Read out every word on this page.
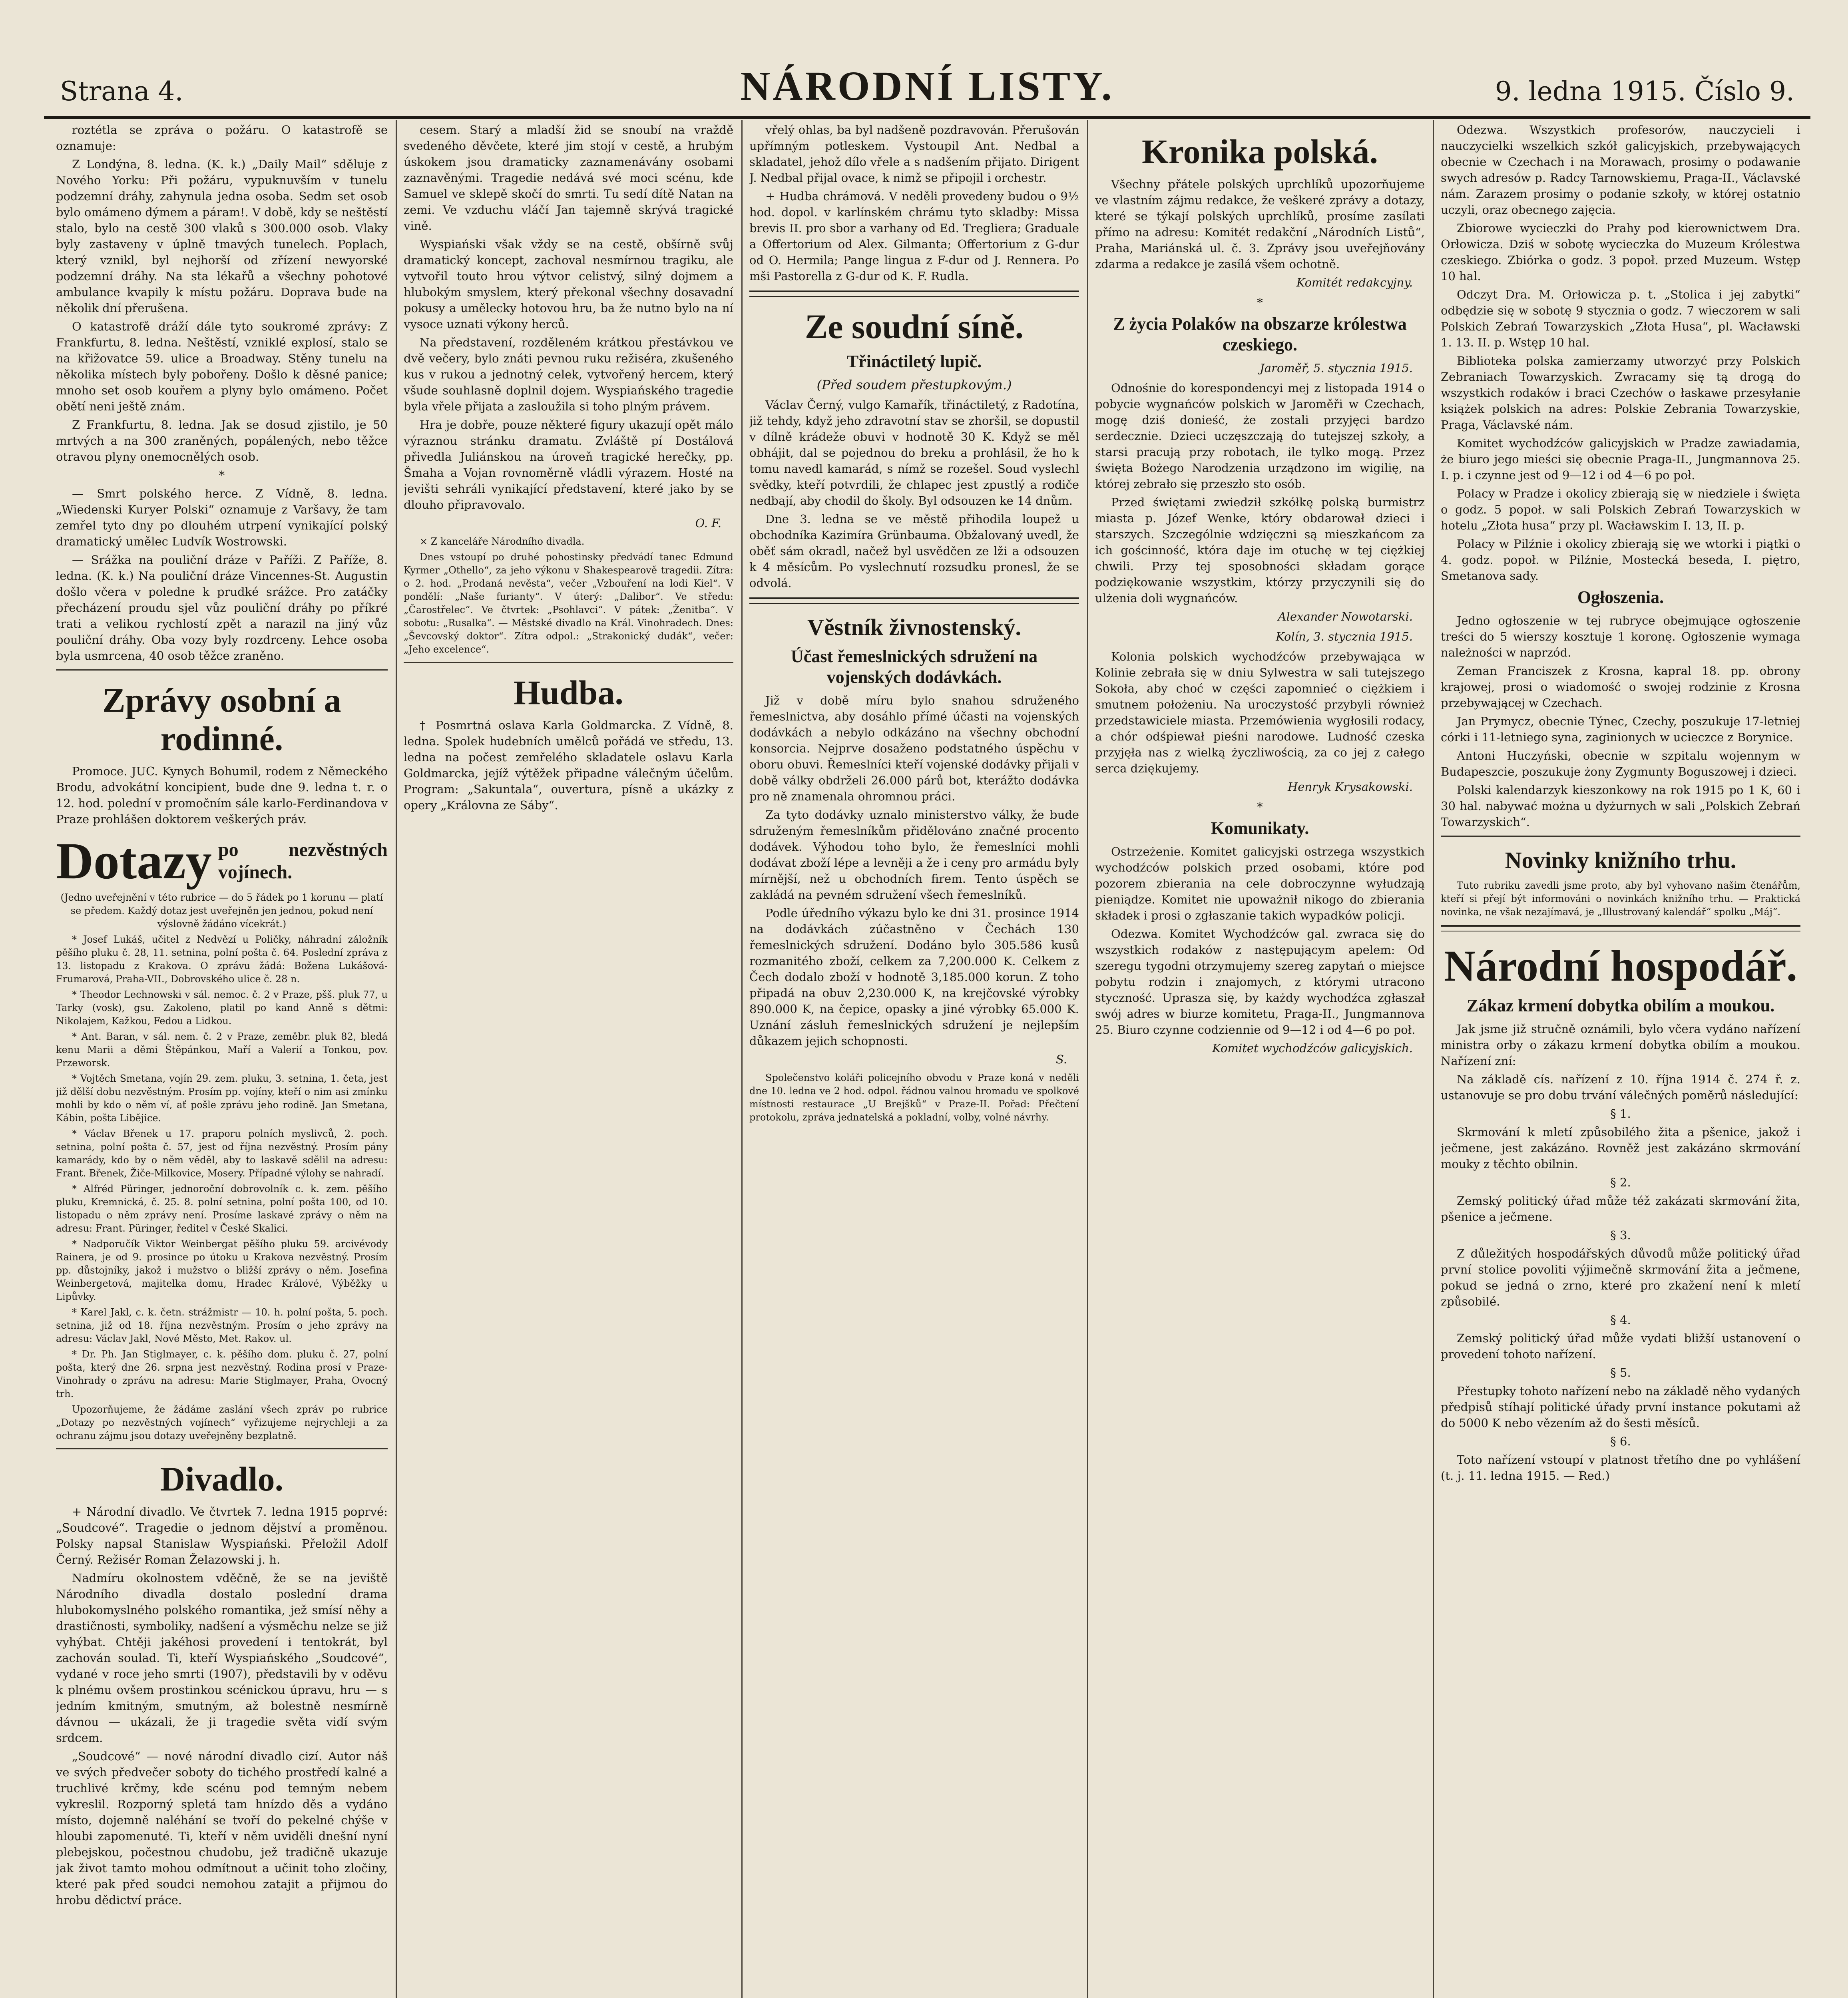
Strana 4.	NÁRODNÍ LISTY.	9. ledna 1915. Číslo 9.

roztétla se zpráva o požáru. O katastrofě se oznamuje:

Z Londýna, 8. ledna. (K. k.) „Daily Mail“ sděluje z Nového Yorku: Při požáru, vypuknuvším v tunelu podzemní dráhy, zahynula jedna osoba. Sedm set osob bylo omámeno dýmem a páram!. V době, kdy se neštěstí stalo, bylo na cestě 300 vlaků s 300.000 osob. Vlaky byly zastaveny v úplně tmavých tunelech. Poplach, který vznikl, byl nejhorší od zřízení newyorské podzemní dráhy. Na sta lékařů a všechny pohotové ambulance kvapily k místu požáru. Doprava bude na několik dní přerušena.

O katastrofě dráží dále tyto soukromé zprávy: Z Frankfurtu, 8. ledna. Neštěstí, vzniklé explosí, stalo se na křižovatce 59. ulice a Broadway. Stěny tunelu na několika místech byly pobořeny. Došlo k děsné panice; mnoho set osob kouřem a plyny bylo omámeno. Počet obětí neni ještě znám.

Z Frankfurtu, 8. ledna. Jak se dosud zjistilo, je 50 mrtvých a na 300 zraněných, popálených, nebo těžce otravou plyny onemocnělých osob.

*

— Smrt polského herce. Z Vídně, 8. ledna. „Wiedenski Kuryer Polski“ oznamuje z Varšavy, že tam zemřel tyto dny po dlouhém utrpení vynikající polský dramatický umělec Ludvík Wostrowski.

— Srážka na pouliční dráze v Paříži. Z Paříže, 8. ledna. (K. k.) Na pouliční dráze Vincennes-St. Augustin došlo včera v poledne k prudké srážce. Pro zatáčky přecházení proudu sjel vůz pouliční dráhy po příkré trati a velikou rychlostí zpět a narazil na jiný vůz pouliční dráhy. Oba vozy byly rozdrceny. Lehce osoba byla usmrcena, 40 osob těžce zraněno.

Zprávy osobní a rodinné.

Promoce. JUC. Kynych Bohumil, rodem z Německého Brodu, advokátní koncipient, bude dne 9. ledna t. r. o 12. hod. polední v promočním sále karlo-Ferdinandova v Praze prohlášen doktorem veškerých práv.

Dotazy po nezvěstných vojínech.

(Jedno uveřejnění v této rubrice — do 5 řádek po 1 korunu — platí se předem. Každý dotaz jest uveřejněn jen jednou, pokud není výslovně žádáno vícekrát.)

* Josef Lukáš, učitel z Nedvězí u Poličky, náhradní záložník pěšího pluku č. 28, 11. setnina, polní pošta č. 64. Poslední zpráva z 13. listopadu z Krakova. O zprávu žádá: Božena Lukášová-Frumarová, Praha-VII., Dobrovského ulice č. 28 n.

* Theodor Lechnowski v sál. nemoc. č. 2 v Praze, pšš. pluk 77, u Tarky (vosk), gsu. Zakoleno, platil po kand Anně s dětmi: Nikolajem, Kažkou, Fedou a Lidkou.

* Ant. Baran, v sál. nem. č. 2 v Praze, zeměbr. pluk 82, bledá kenu Marii a děmi Štěpánkou, Maří a Valerií a Tonkou, pov. Przeworsk.

* Vojtěch Smetana, vojín 29. zem. pluku, 3. setnina, 1. četa, jest již dělší dobu nezvěstným. Prosím pp. vojíny, kteří o nim asi zmínku mohli by kdo o něm ví, ať pošle zprávu jeho rodině. Jan Smetana, Kábin, pošta Libějice.

* Václav Břenek u 17. praporu polních myslivců, 2. poch. setnina, polní pošta č. 57, jest od října nezvěstný. Prosím pány kamarády, kdo by o něm věděl, aby to laskavě sdělil na adresu: Frant. Břenek, Žiče-Milkovice, Mosery. Případné výlohy se nahradí.

* Alfréd Püringer, jednoroční dobrovolník c. k. zem. pěšího pluku, Kremnická, č. 25. 8. polní setnina, polní pošta 100, od 10. listopadu o něm zprávy není. Prosíme laskavé zprávy o něm na adresu: Frant. Püringer, ředitel v České Skalici.

* Nadporučík Viktor Weinbergat pěšího pluku 59. arcivévody Rainera, je od 9. prosince po útoku u Krakova nezvěstný. Prosím pp. důstojníky, jakož i mužstvo o bližší zprávy o něm. Josefina Weinbergetová, majitelka domu, Hradec Králové, Výběžky u Lipůvky.

* Karel Jakl, c. k. četn. strážmistr — 10. h. polní pošta, 5. poch. setnina, již od 18. října nezvěstným. Prosím o jeho zprávy na adresu: Václav Jakl, Nové Město, Met. Rakov. ul.

* Dr. Ph. Jan Stiglmayer, c. k. pěšího dom. pluku č. 27, polní pošta, který dne 26. srpna jest nezvěstný. Rodina prosí v Praze-Vinohrady o zprávu na adresu: Marie Stiglmayer, Praha, Ovocný trh.

Upozorňujeme, že žádáme zaslání všech zpráv po rubrice „Dotazy po nezvěstných vojínech“ vyřizujeme nejrychleji a za ochranu zájmu jsou dotazy uveřejněny bezplatně.

Divadlo.

+ Národní divadlo. Ve čtvrtek 7. ledna 1915 poprvé: „Soudcové“. Tragedie o jednom dějství a proměnou. Polsky napsal Stanislaw Wyspiański. Přeložil Adolf Černý. Režisér Roman Želazowski j. h.

Nadmíru okolnostem vděčně, že se na jeviště Národního divadla dostalo poslední drama hlubokomyslného polského romantika, jež smísí něhy a drastičnosti, symboliky, nadšení a výsměchu nelze se již vyhýbat. Chtěji jakéhosi provedení i tentokrát, byl zachován soulad. Ti, kteří Wyspiańského „Soudcové“, vydané v roce jeho smrti (1907), představili by v oděvu k plnému ovšem prostinkou scénickou úpravu, hru — s jedním kmitným, smutným, až bolestně nesmírně dávnou — ukázali, že ji tragedie světa vidí svým srdcem.

„Soudcové“ — nové národní divadlo cizí. Autor náš ve svých předvečer soboty do tichého prostředí kalné a truchlivé krčmy, kde scénu pod temným nebem vykreslil. Rozporný spletá tam hnízdo děs a vydáno místo, dojemně naléhání se tvoří do pekelné chýše v hloubi zapomenuté. Ti, kteří v něm uviděli dnešní nyní plebejskou, počestnou chudobu, jež tradičně ukazuje jak život tamto mohou odmítnout a učinit toho zločiny, které pak před soudci nemohou zatajit a přijmou do hrobu dědictví práce.

cesem. Starý a mladší žid se snoubí na vraždě svedeného děvčete, které jim stojí v cestě, a hrubým úskokem jsou dramaticky zaznamenávány osobami zaznavěnými. Tragedie nedává své moci scénu, kde Samuel ve sklepě skočí do smrti. Tu sedí dítě Natan na zemi. Ve vzduchu vláčí Jan tajemně skrývá tragické vině.

Wyspiański však vždy se na cestě, obšírně svůj dramatický koncept, zachoval nesmírnou tragiku, ale vytvořil touto hrou výtvor celistvý, silný dojmem a hlubokým smyslem, který překonal všechny dosavadní pokusy a umělecky hotovou hru, ba že nutno bylo na ní vysoce uznati výkony herců.

Na představení, rozděleném krátkou přestávkou ve dvě večery, bylo znáti pevnou ruku režiséra, zkušeného kus v rukou a jednotný celek, vytvořený hercem, který všude souhlasně doplnil dojem. Wyspiańského tragedie byla vřele přijata a zasloužila si toho plným právem.

Hra je dobře, pouze některé figury ukazují opět málo výraznou stránku dramatu. Zvláště pí Dostálová přivedla Juliánskou na úroveň tragické herečky, pp. Šmaha a Vojan rovnoměrně vládli výrazem. Hosté na jevišti sehráli vynikající představení, které jako by se dlouho připravovalo.

O. F.

× Z kanceláře Národního divadla.

Dnes vstoupí po druhé pohostinsky předvádí tanec Edmund Kyrmer „Othello“, za jeho výkonu v Shakespearově tragedii. Zítra: o 2. hod. „Prodaná nevěsta“, večer „Vzbouření na lodi Kiel“. V pondělí: „Naše furianty“. V úterý: „Dalibor“. Ve středu: „Čarostřelec“. Ve čtvrtek: „Psohlavci“. V pátek: „Ženitba“. V sobotu: „Rusalka“. — Městské divadlo na Král. Vinohradech. Dnes: „Ševcovský doktor“. Zítra odpol.: „Strakonický dudák“, večer: „Jeho excelence“.

Hudba.

† Posmrtná oslava Karla Goldmarcka. Z Vídně, 8. ledna. Spolek hudebních umělců pořádá ve středu, 13. ledna na počest zemřelého skladatele oslavu Karla Goldmarcka, jejíž výtěžek připadne válečným účelům. Program: „Sakuntala“, ouvertura, písně a ukázky z opery „Královna ze Sáby“.

vřelý ohlas, ba byl nadšeně pozdravován. Přerušován upřímným potleskem. Vystoupil Ant. Nedbal a skladatel, jehož dílo vřele a s nadšením přijato. Dirigent J. Nedbal přijal ovace, k nimž se připojil i orchestr.

+ Hudba chrámová. V neděli provedeny budou o 9½ hod. dopol. v karlínském chrámu tyto skladby: Missa brevis II. pro sbor a varhany od Ed. Tregliera; Graduale a Offertorium od Alex. Gilmanta; Offertorium z G-dur od O. Hermila; Pange lingua z F-dur od J. Rennera. Po mši Pastorella z G-dur od K. F. Rudla.

Ze soudní síně.
Třináctiletý lupič.
(Před soudem přestupkovým.)

Václav Černý, vulgo Kamařík, třináctiletý, z Radotína, již tehdy, když jeho zdravotní stav se zhoršil, se dopustil v dílně krádeže obuvi v hodnotě 30 K. Když se měl obhájit, dal se pojednou do breku a prohlásil, že ho k tomu navedl kamarád, s nímž se rozešel. Soud vyslechl svědky, kteří potvrdili, že chlapec jest zpustlý a rodiče nedbají, aby chodil do školy. Byl odsouzen ke 14 dnům.

Dne 3. ledna se ve městě přihodila loupež u obchodníka Kazimíra Grünbauma. Obžalovaný uvedl, že oběť sám okradl, načež byl usvědčen ze lži a odsouzen k 4 měsícům. Po vyslechnutí rozsudku pronesl, že se odvolá.

Věstník živnostenský.
Účast řemeslnických sdružení na vojenských dodávkách.

Již v době míru bylo snahou sdruženého řemeslnictva, aby dosáhlo přímé účasti na vojenských dodávkách a nebylo odkázáno na všechny obchodní konsorcia. Nejprve dosaženo podstatného úspěchu v oboru obuvi. Řemeslníci kteří vojenské dodávky přijali v době války obdrželi 26.000 párů bot, kterážto dodávka pro ně znamenala ohromnou práci.

Za tyto dodávky uznalo ministerstvo války, že bude sdruženým řemeslníkům přidělováno značné procento dodávek. Výhodou toho bylo, že řemeslníci mohli dodávat zboží lépe a levněji a že i ceny pro armádu byly mírnější, než u obchodních firem. Tento úspěch se zakládá na pevném sdružení všech řemeslníků.

Podle úředního výkazu bylo ke dni 31. prosince 1914 na dodávkách zúčastněno v Čechách 130 řemeslnických sdružení. Dodáno bylo 305.586 kusů rozmanitého zboží, celkem za 7,200.000 K. Celkem z Čech dodalo zboží v hodnotě 3,185.000 korun. Z toho připadá na obuv 2,230.000 K, na krejčovské výrobky 890.000 K, na čepice, opasky a jiné výrobky 65.000 K. Uznání zásluh řemeslnických sdružení je nejlepším důkazem jejich schopnosti.

S.

Společenstvo koláři policejního obvodu v Praze koná v neděli dne 10. ledna ve 2 hod. odpol. řádnou valnou hromadu ve spolkové místnosti restaurace „U Brejšků“ v Praze-II. Pořad: Přečtení protokolu, zpráva jednatelská a pokladní, volby, volné návrhy.

Kronika polská.

Všechny přátele polských uprchlíků upozorňujeme ve vlastním zájmu redakce, že veškeré zprávy a dotazy, které se týkají polských uprchlíků, prosíme zasílati přímo na adresu: Komitét redakční „Národních Listů“, Praha, Mariánská ul. č. 3. Zprávy jsou uveřejňovány zdarma a redakce je zasílá všem ochotně.

Komitét redakcyjny.
*
Z życia Polaków na obszarze królestwa czeskiego.
Jaroměř, 5. stycznia 1915.

Odnośnie do korespondencyi mej z listopada 1914 o pobycie wygnańców polskich w Jaroměři w Czechach, mogę dziś donieść, że zostali przyjęci bardzo serdecznie. Dzieci uczęszczają do tutejszej szkoły, a starsi pracują przy robotach, ile tylko mogą. Przez święta Bożego Narodzenia urządzono im wigilię, na której zebrało się przeszło sto osób.

Przed świętami zwiedził szkółkę polską burmistrz miasta p. Józef Wenke, który obdarował dzieci i starszych. Szczególnie wdzięczni są mieszkańcom za ich gościnność, która daje im otuchę w tej ciężkiej chwili. Przy tej sposobności składam gorące podziękowanie wszystkim, którzy przyczynili się do ulżenia doli wygnańców.

Alexander Nowotarski.
Kolín, 3. stycznia 1915.

Kolonia polskich wychodźców przebywająca w Kolinie zebrała się w dniu Sylwestra w sali tutejszego Sokoła, aby choć w części zapomnieć o ciężkiem i smutnem położeniu. Na uroczystość przybyli również przedstawiciele miasta. Przemówienia wygłosili rodacy, a chór odśpiewał pieśni narodowe. Ludność czeska przyjęła nas z wielką życzliwością, za co jej z całego serca dziękujemy.

Henryk Krysakowski.
*
Komunikaty.

Ostrzeżenie. Komitet galicyjski ostrzega wszystkich wychodźców polskich przed osobami, które pod pozorem zbierania na cele dobroczynne wyłudzają pieniądze. Komitet nie upoważnił nikogo do zbierania składek i prosi o zgłaszanie takich wypadków policji.

Odezwa. Komitet Wychodźców gal. zwraca się do wszystkich rodaków z następującym apelem: Od szeregu tygodni otrzymujemy szereg zapytań o miejsce pobytu rodzin i znajomych, z którymi utracono styczność. Uprasza się, by każdy wychodźca zgłaszał swój adres w biurze komitetu, Praga-II., Jungmannova 25. Biuro czynne codziennie od 9—12 i od 4—6 po poł.

Komitet wychodźców galicyjskich.

Odezwa. Wszystkich profesorów, nauczycieli i nauczycielki wszelkich szkół galicyjskich, przebywających obecnie w Czechach i na Morawach, prosimy o podawanie swych adresów p. Radcy Tarnowskiemu, Praga-II., Václavské nám. Zarazem prosimy o podanie szkoły, w której ostatnio uczyli, oraz obecnego zajęcia.

Zbiorowe wycieczki do Prahy pod kierownictwem Dra. Orłowicza. Dziś w sobotę wycieczka do Muzeum Królestwa czeskiego. Zbiórka o godz. 3 popoł. przed Muzeum. Wstęp 10 hal.

Odczyt Dra. M. Orłowicza p. t. „Stolica i jej zabytki“ odbędzie się w sobotę 9 stycznia o godz. 7 wieczorem w sali Polskich Zebrań Towarzyskich „Złota Husa“, pl. Wacławski 1. 13. II. p. Wstęp 10 hal.

Biblioteka polska zamierzamy utworzyć przy Polskich Zebraniach Towarzyskich. Zwracamy się tą drogą do wszystkich rodaków i braci Czechów o łaskawe przesyłanie książek polskich na adres: Polskie Zebrania Towarzyskie, Praga, Václavské nám.

Komitet wychodźców galicyjskich w Pradze zawiadamia, że biuro jego mieści się obecnie Praga-II., Jungmannova 25. I. p. i czynne jest od 9—12 i od 4—6 po poł.

Polacy w Pradze i okolicy zbierają się w niedziele i święta o godz. 5 popoł. w sali Polskich Zebrań Towarzyskich w hotelu „Złota husa“ przy pl. Wacławskim I. 13, II. p.

Polacy w Pilźnie i okolicy zbierają się we wtorki i piątki o 4. godz. popoł. w Pilźnie, Mostecká beseda, I. piętro, Smetanova sady.

Ogłoszenia.

Jedno ogłoszenie w tej rubryce obejmujące ogłoszenie treści do 5 wierszy kosztuje 1 koronę. Ogłoszenie wymaga należności w naprzód.

Zeman Franciszek z Krosna, kapral 18. pp. obrony krajowej, prosi o wiadomość o swojej rodzinie z Krosna przebywającej w Czechach.

Jan Prymycz, obecnie Týnec, Czechy, poszukuje 17-letniej córki i 11-letniego syna, zaginionych w ucieczce z Borynice.

Antoni Huczyński, obecnie w szpitalu wojennym w Budapeszcie, poszukuje żony Zygmunty Boguszowej i dzieci.

Polski kalendarzyk kieszonkowy na rok 1915 po 1 K, 60 i 30 hal. nabywać można u dyżurnych w sali „Polskich Zebrań Towarzyskich“.

Novinky knižního trhu.

Tuto rubriku zavedli jsme proto, aby byl vyhovano našim čtenářům, kteří si přejí být informováni o novinkách knižního trhu. — Praktická novinka, ne však nezajímavá, je „Illustrovaný kalendář“ spolku „Máj“.

Národní hospodář.
Zákaz krmení dobytka obilím a moukou.

Jak jsme již stručně oznámili, bylo včera vydáno nařízení ministra orby o zákazu krmení dobytka obilím a moukou. Nařízení zní:

Na základě cís. nařízení z 10. října 1914 č. 274 ř. z. ustanovuje se pro dobu trvání válečných poměrů následující:

§ 1.

Skrmování k mletí způsobilého žita a pšenice, jakož i ječmene, jest zakázáno. Rovněž jest zakázáno skrmování mouky z těchto obilnin.

§ 2.

Zemský politický úřad může též zakázati skrmování žita, pšenice a ječmene.

§ 3.

Z důležitých hospodářských důvodů může politický úřad první stolice povoliti výjimečně skrmování žita a ječmene, pokud se jedná o zrno, které pro zkažení není k mletí způsobilé.

§ 4.

Zemský politický úřad může vydati bližší ustanovení o provedení tohoto nařízení.

§ 5.

Přestupky tohoto nařízení nebo na základě něho vydaných předpisů stíhají politické úřady první instance pokutami až do 5000 K nebo vězením až do šesti měsíců.

§ 6.

Toto nařízení vstoupí v platnost třetího dne po vyhlášení (t. j. 11. ledna 1915. — Red.)
